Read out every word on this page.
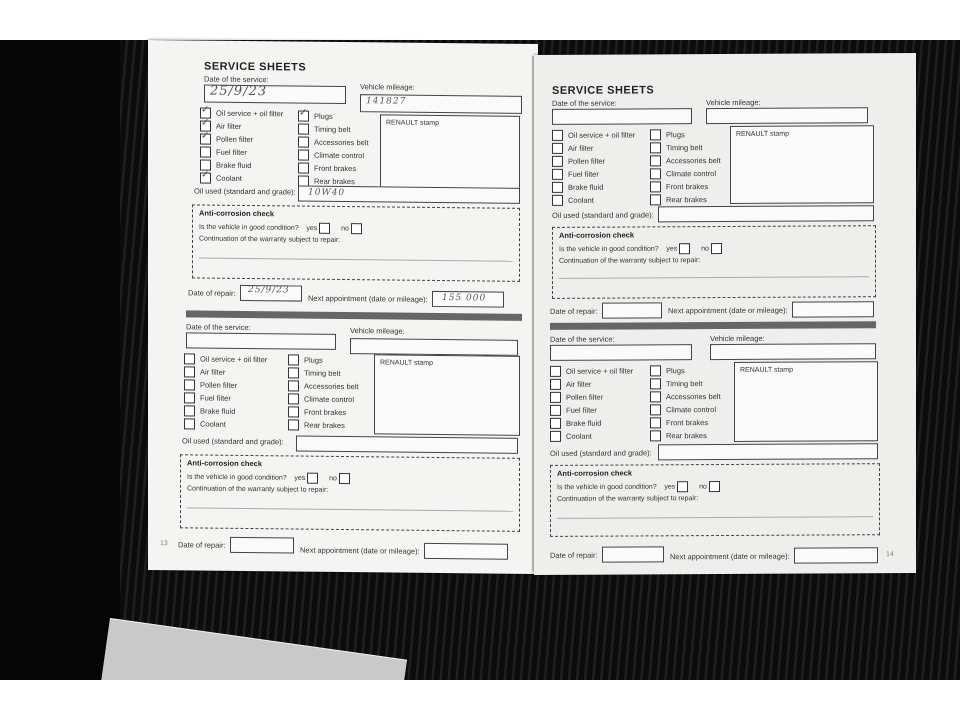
SERVICE SHEETS
Date of the service:
25/9/23	Vehicle mileage:
141827
✓
Oil service + oil filter
✓
Air filter
✓
Pollen filter
Fuel filter
Brake fluid
✓
Coolant
✓
Plugs
Timing belt
Accessories belt
Climate control
Front brakes
Rear brakes
RENAULT stamp
Oil used (standard and grade): 10W40
Anti-corrosion check
Is the vehicle in good condition? yes	no
Continuation of the warranty subject to repair:
Date of repair: 25/9/23
Next appointment (date or mileage): 155 000
Date of the service:	Vehicle mileage:
Oil service + oil filter
Air filter
Pollen filter
Fuel filter
Brake fluid
Coolant
Plugs
Timing belt
Accessories belt
Climate control
Front brakes
Rear brakes
RENAULT stamp
Oil used (standard and grade):
Anti-corrosion check
Is the vehicle in good condition? yes	no
Continuation of the warranty subject to repair:
13 Date of repair:
Next appointment (date or mileage):
SERVICE SHEETS
Date of the service:	Vehicle mileage:
Oil service + oil filter
Air filter
Pollen filter
Fuel filter
Brake fluid
Coolant
Plugs
Timing belt
Accessories belt
Climate control
Front brakes
Rear brakes
RENAULT stamp
Oil used (standard and grade):
Anti-corrosion check
Is the vehicle in good condition? yes	no
Continuation of the warranty subject to repair:
Date of repair:	Next appointment (date or mileage):
Date of the service:	Vehicle mileage:
Oil service + oil filter
Air filter
Pollen filter
Fuel filter
Brake fluid
Coolant
Plugs
Timing belt
Accessories belt
Climate control
Front brakes
Rear brakes
RENAULT stamp
Oil used (standard and grade):
Anti-corrosion check
Is the vehicle in good condition? yes	no
Continuation of the warranty subject to repair:
Date of repair:	Next appointment (date or mileage):	14
